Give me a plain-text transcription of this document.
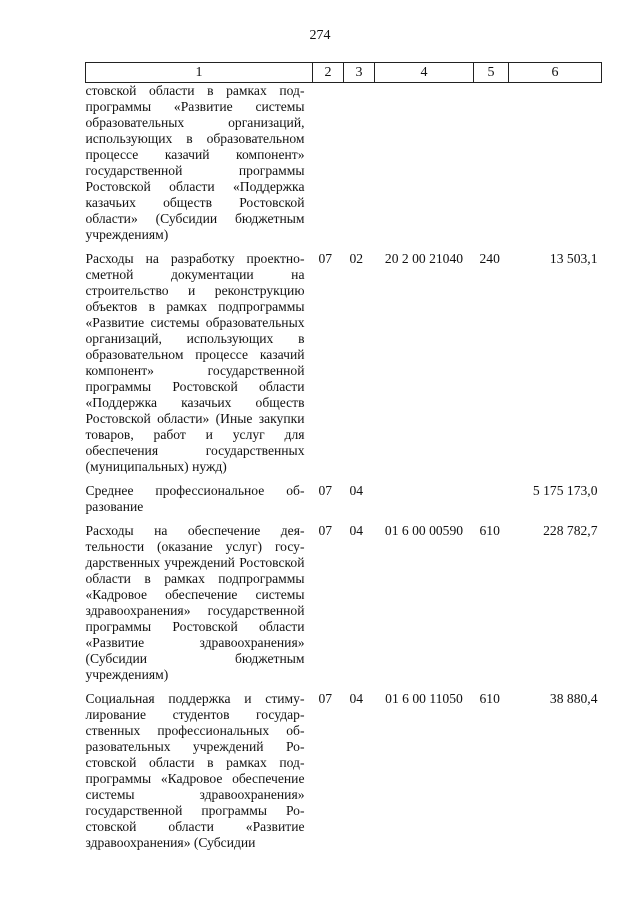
274
1	2	3	4	5	6
стовской области в рамках подпрограммы «Развитие системы образовательных организаций, использующих в образовательном процессе казачий компонент» государственной программы Ростовской области «Поддержка казачьих обществ Ростовской области» (Субсидии бюджетным учреждениям)					
Расходы на разработку проектно-сметной документации на строительство и реконструкцию объектов в рамках подпрограммы «Развитие системы образовательных организаций, использующих в образовательном процессе казачий компонент» государственной программы Ростовской области «Поддержка казачьих обществ Ростовской области» (Иные закупки товаров, работ и услуг для обеспечения государственных (муниципальных) нужд)	07	02	20 2 00 21040	240	13 503,1
Среднее профессиональное образование	07	04			5 175 173,0
Расходы на обеспечение деятельности (оказание услуг) государственных учреждений Ростовской области в рамках подпрограммы «Кадровое обеспечение системы здравоохранения» государственной программы Ростовской области «Развитие здравоохранения» (Субсидии бюджетным учреждениям)	07	04	01 6 00 00590	610	228 782,7
Социальная поддержка и стимулирование студентов государственных профессиональных образовательных учреждений Ростовской области в рамках подпрограммы «Кадровое обеспечение системы здравоохранения» государственной программы Ростовской области «Развитие здравоохранения» (Субсидии	07	04	01 6 00 11050	610	38 880,4
